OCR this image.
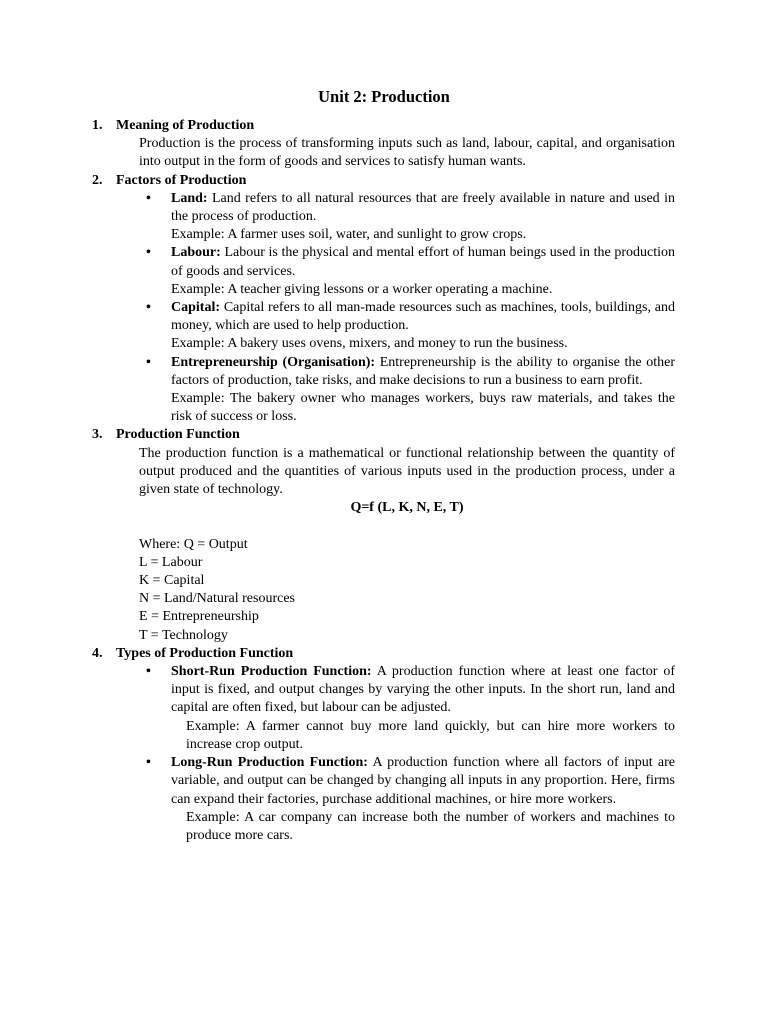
Unit 2: Production
1. Meaning of Production
Production is the process of transforming inputs such as land, labour, capital, and organisation into output in the form of goods and services to satisfy human wants.
2. Factors of Production
• Land: Land refers to all natural resources that are freely available in nature and used in the process of production.
Example: A farmer uses soil, water, and sunlight to grow crops.
• Labour: Labour is the physical and mental effort of human beings used in the production of goods and services.
Example: A teacher giving lessons or a worker operating a machine.
• Capital: Capital refers to all man-made resources such as machines, tools, buildings, and money, which are used to help production.
Example: A bakery uses ovens, mixers, and money to run the business.
• Entrepreneurship (Organisation): Entrepreneurship is the ability to organise the other factors of production, take risks, and make decisions to run a business to earn profit.
Example: The bakery owner who manages workers, buys raw materials, and takes the risk of success or loss.
3. Production Function
The production function is a mathematical or functional relationship between the quantity of output produced and the quantities of various inputs used in the production process, under a given state of technology.
Q=f (L, K, N, E, T)
Where: Q = Output
L = Labour
K = Capital
N = Land/Natural resources
E = Entrepreneurship
T = Technology
4. Types of Production Function
• Short-Run Production Function: A production function where at least one factor of input is fixed, and output changes by varying the other inputs. In the short run, land and capital are often fixed, but labour can be adjusted.
Example: A farmer cannot buy more land quickly, but can hire more workers to increase crop output.
• Long-Run Production Function: A production function where all factors of input are variable, and output can be changed by changing all inputs in any proportion. Here, firms can expand their factories, purchase additional machines, or hire more workers.
Example: A car company can increase both the number of workers and machines to produce more cars.
